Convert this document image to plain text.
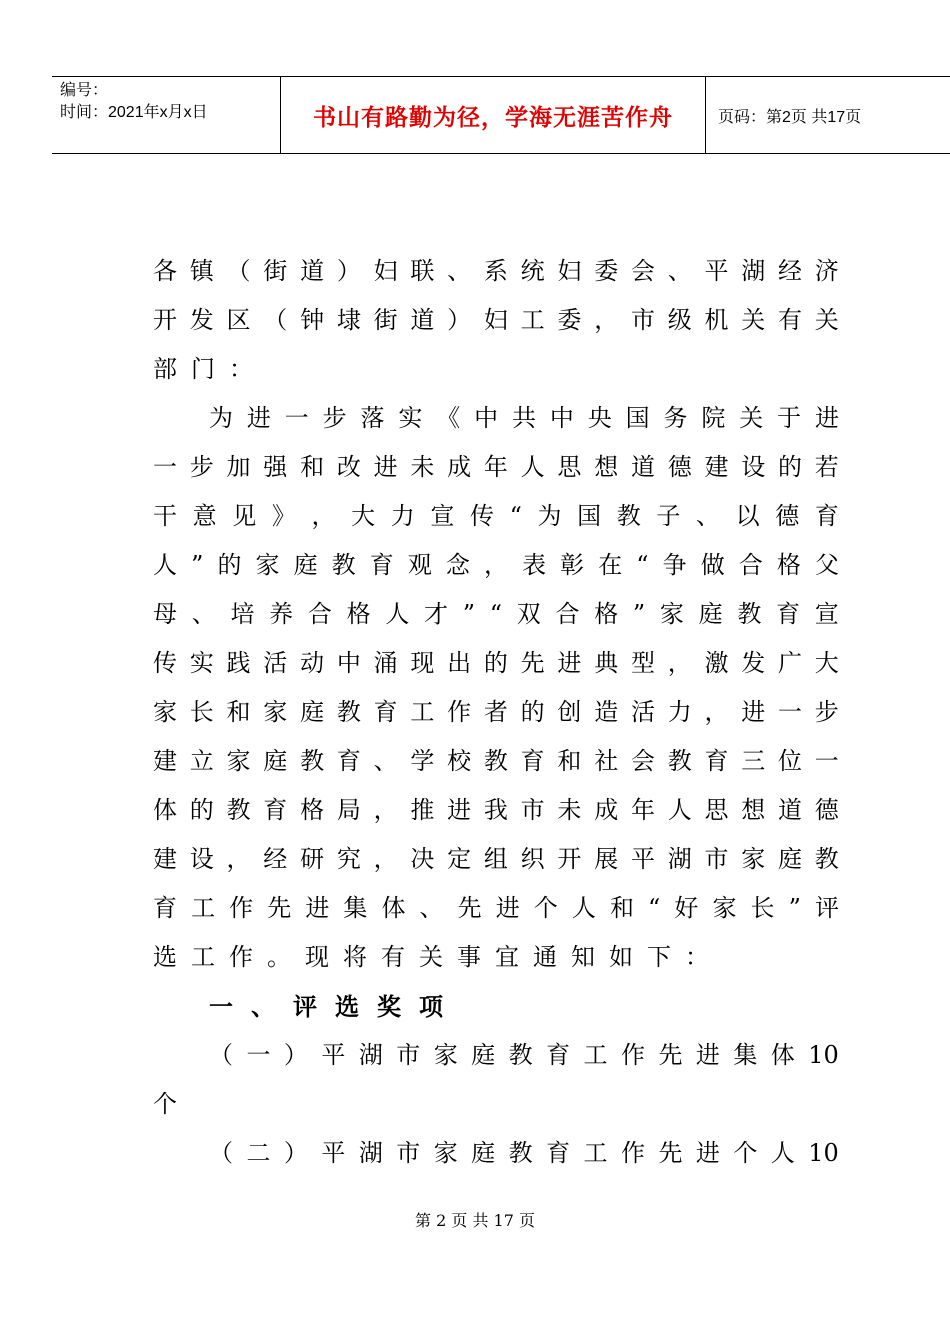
编号：
时间：2021年x月x日	书山有路勤为径，学海无涯苦作舟	页码：第2页 共17页
各 镇 （ 街 道 ） 妇 联 、 系 统 妇 委 会 、 平 湖 经 济
开 发 区 （ 钟 埭 街 道 ） 妇 工 委 ， 市 级 机 关 有 关
部 门 ：
为 进 一 步 落 实 《 中 共 中 央 国 务 院 关 于 进
一 步 加 强 和 改 进 未 成 年 人 思 想 道 德 建 设 的 若
干 意 见 》 ， 大 力 宣 传 “ 为 国 教 子 、 以 德 育
人 ” 的 家 庭 教 育 观 念 ， 表 彰 在 “ 争 做 合 格 父
母 、 培 养 合 格 人 才 ” “ 双 合 格 ” 家 庭 教 育 宣
传 实 践 活 动 中 涌 现 出 的 先 进 典 型 ， 激 发 广 大
家 长 和 家 庭 教 育 工 作 者 的 创 造 活 力 ， 进 一 步
建 立 家 庭 教 育 、 学 校 教 育 和 社 会 教 育 三 位 一
体 的 教 育 格 局 ， 推 进 我 市 未 成 年 人 思 想 道 德
建 设 ， 经 研 究 ， 决 定 组 织 开 展 平 湖 市 家 庭 教
育 工 作 先 进 集 体 、 先 进 个 人 和 “ 好 家 长 ” 评
选 工 作 。 现 将 有 关 事 宜 通 知 如 下 ：
一 、 评 选 奖 项
（ 一 ） 平 湖 市 家 庭 教 育 工 作 先 进 集 体 10
个
（ 二 ） 平 湖 市 家 庭 教 育 工 作 先 进 个 人 10
第 2 页 共 17 页
